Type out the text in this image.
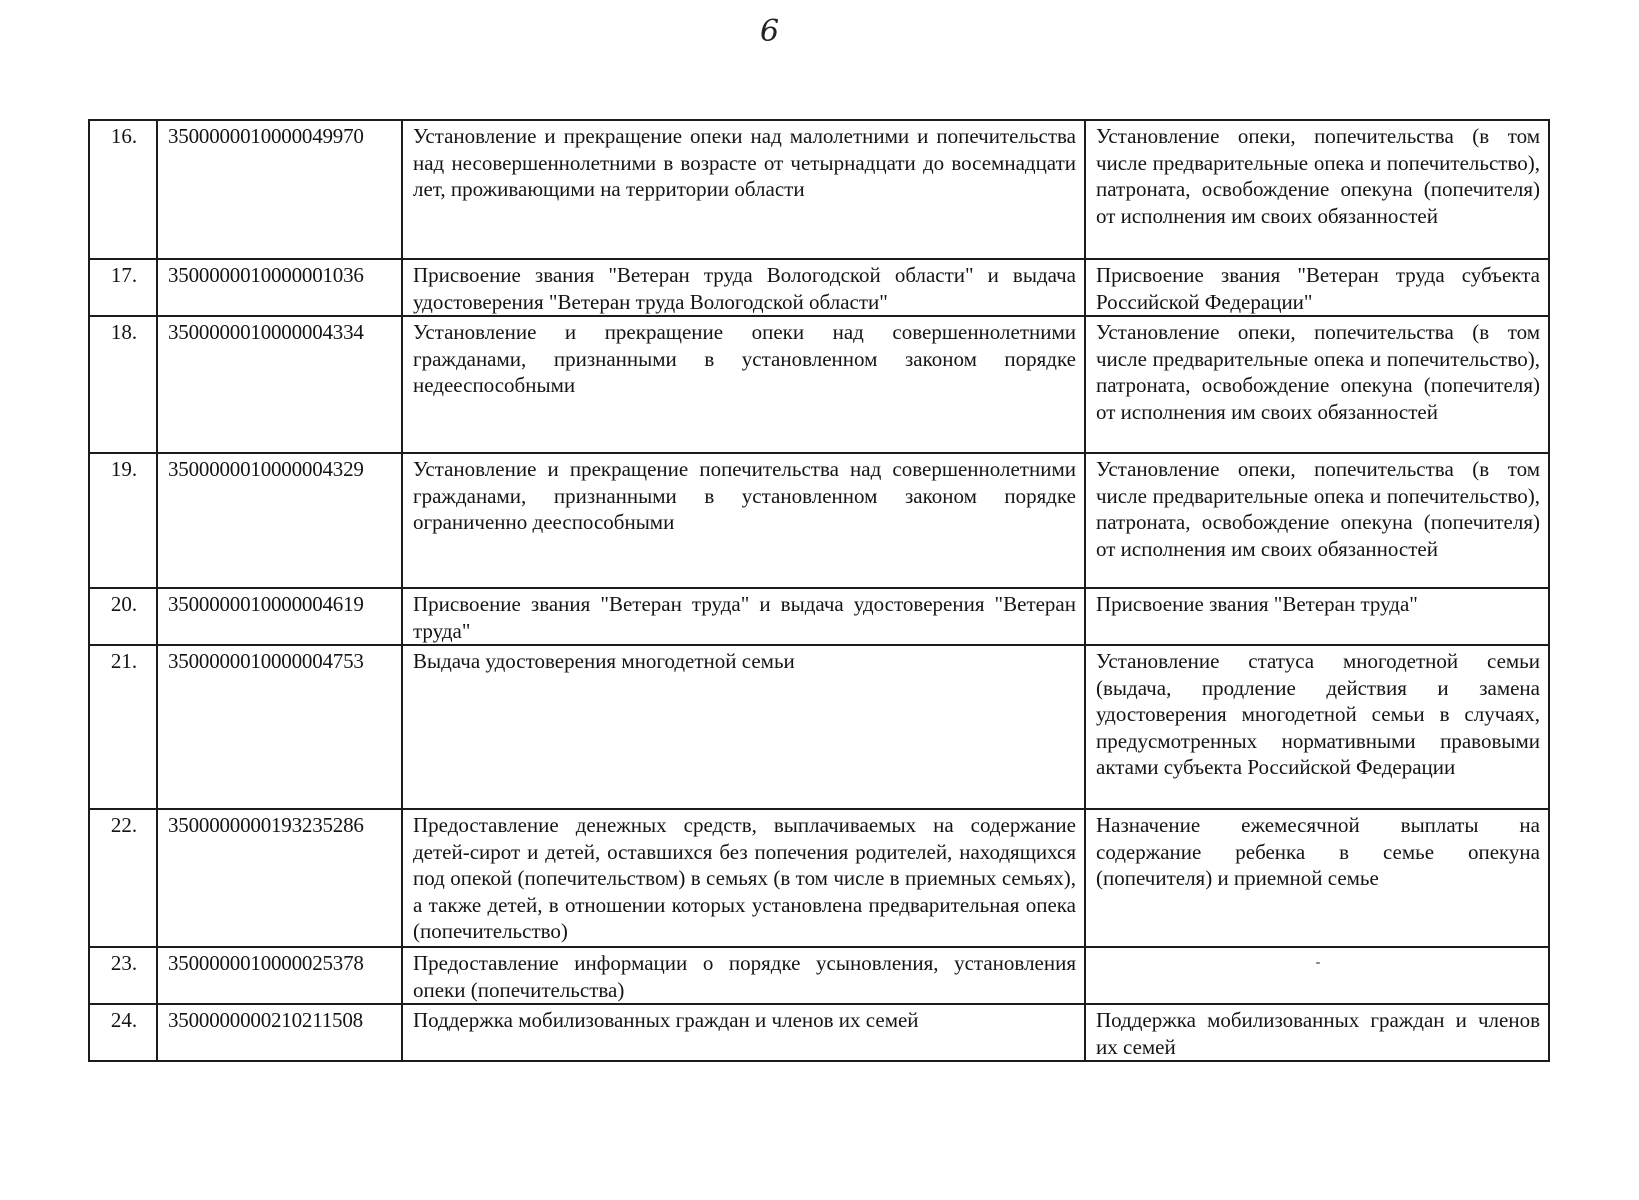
6
16.	3500000010000049970	Установление и прекращение опеки над малолетними и попечительства над несовершеннолетними в возрасте от четырнадцати до восемнадцати лет, проживающими на территории области	Установление опеки, попечительства (в том числе предварительные опека и попечительство), патроната, освобождение опекуна (попечителя) от исполнения им своих обязанностей
17.	3500000010000001036	Присвоение звания "Ветеран труда Вологодской области" и выдача удостоверения "Ветеран труда Вологодской области"	Присвоение звания "Ветеран труда субъекта Российской Федерации"
18.	3500000010000004334	Установление и прекращение опеки над совершеннолетними гражданами, признанными в установленном законом порядке недееспособными	Установление опеки, попечительства (в том числе предварительные опека и попечительство), патроната, освобождение опекуна (попечителя) от исполнения им своих обязанностей
19.	3500000010000004329	Установление и прекращение попечительства над совершеннолетними гражданами, признанными в установленном законом порядке ограниченно дееспособными	Установление опеки, попечительства (в том числе предварительные опека и попечительство), патроната, освобождение опекуна (попечителя) от исполнения им своих обязанностей
20.	3500000010000004619	Присвоение звания "Ветеран труда" и выдача удостоверения "Ветеран труда"	Присвоение звания "Ветеран труда"
21.	3500000010000004753	Выдача удостоверения многодетной семьи	Установление статуса многодетной семьи (выдача, продление действия и замена удостоверения многодетной семьи в случаях, предусмотренных нормативными правовыми актами субъекта Российской Федерации
22.	3500000000193235286	Предоставление денежных средств, выплачиваемых на содержание детей-сирот и детей, оставшихся без попечения родителей, находящихся под опекой (попечительством) в семьях (в том числе в приемных семьях), а также детей, в отношении которых установлена предварительная опека (попечительство)	Назначение ежемесячной выплаты на содержание ребенка в семье опекуна (попечителя) и приемной семье
23.	3500000010000025378	Предоставление информации о порядке усыновления, установления опеки (попечительства)	-
24.	3500000000210211508	Поддержка мобилизованных граждан и членов их семей	Поддержка мобилизованных граждан и членов их семей
